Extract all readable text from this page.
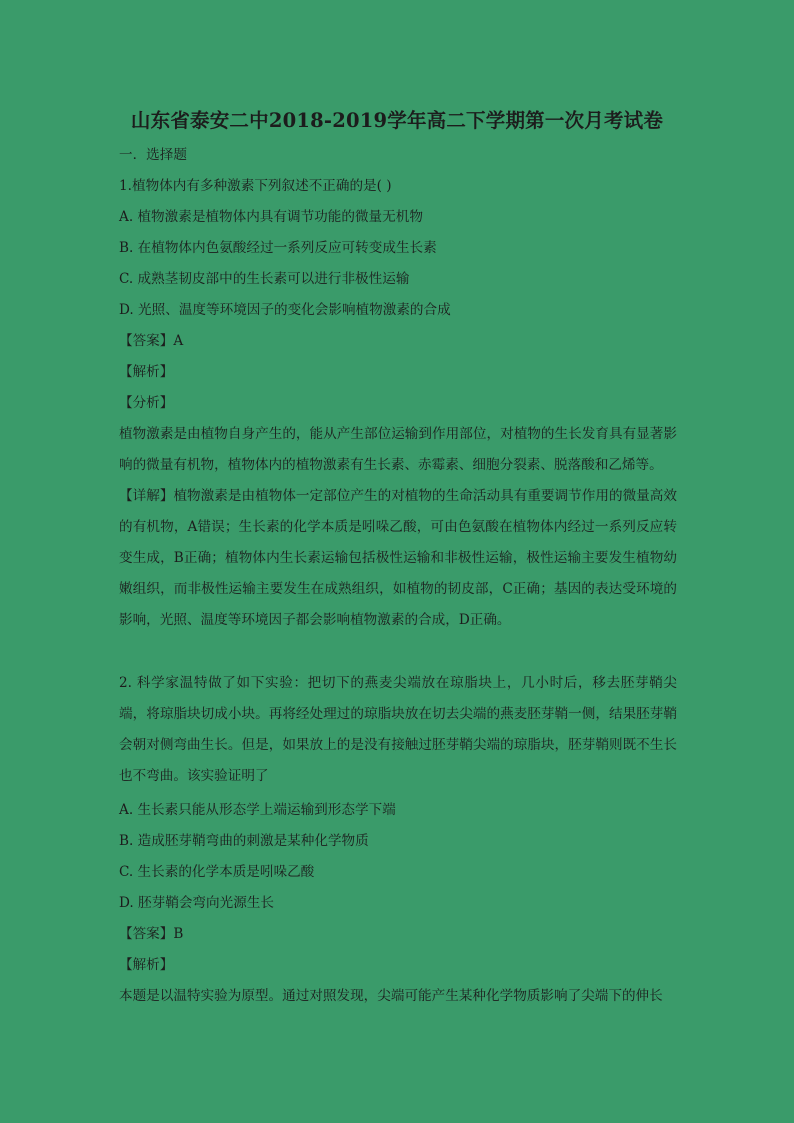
山东省泰安二中2018-2019学年高二下学期第一次月考试卷
一．选择题
1.植物体内有多种激素下列叙述不正确的是( )
A. 植物激素是植物体内具有调节功能的微量无机物
B. 在植物体内色氨酸经过一系列反应可转变成生长素
C. 成熟茎韧皮部中的生长素可以进行非极性运输
D. 光照、温度等环境因子的变化会影响植物激素的合成
【答案】A
【解析】
【分析】
植物激素是由植物自身产生的，能从产生部位运输到作用部位，对植物的生长发育具有显著影响的微量有机物，植物体内的植物激素有生长素、赤霉素、细胞分裂素、脱落酸和乙烯等。
【详解】植物激素是由植物体一定部位产生的对植物的生命活动具有重要调节作用的微量高效的有机物，A错误；生长素的化学本质是吲哚乙酸，可由色氨酸在植物体内经过一系列反应转变生成，B正确；植物体内生长素运输包括极性运输和非极性运输，极性运输主要发生植物幼嫩组织，而非极性运输主要发生在成熟组织，如植物的韧皮部，C正确；基因的表达受环境的影响，光照、温度等环境因子都会影响植物激素的合成，D正确。
2. 科学家温特做了如下实验：把切下的燕麦尖端放在琼脂块上，几小时后，移去胚芽鞘尖端，将琼脂块切成小块。再将经处理过的琼脂块放在切去尖端的燕麦胚芽鞘一侧，结果胚芽鞘会朝对侧弯曲生长。但是，如果放上的是没有接触过胚芽鞘尖端的琼脂块，胚芽鞘则既不生长也不弯曲。该实验证明了
A. 生长素只能从形态学上端运输到形态学下端
B. 造成胚芽鞘弯曲的刺激是某种化学物质
C. 生长素的化学本质是吲哚乙酸
D. 胚芽鞘会弯向光源生长
【答案】B
【解析】
本题是以温特实验为原型。通过对照发现，尖端可能产生某种化学物质影响了尖端下的伸长
